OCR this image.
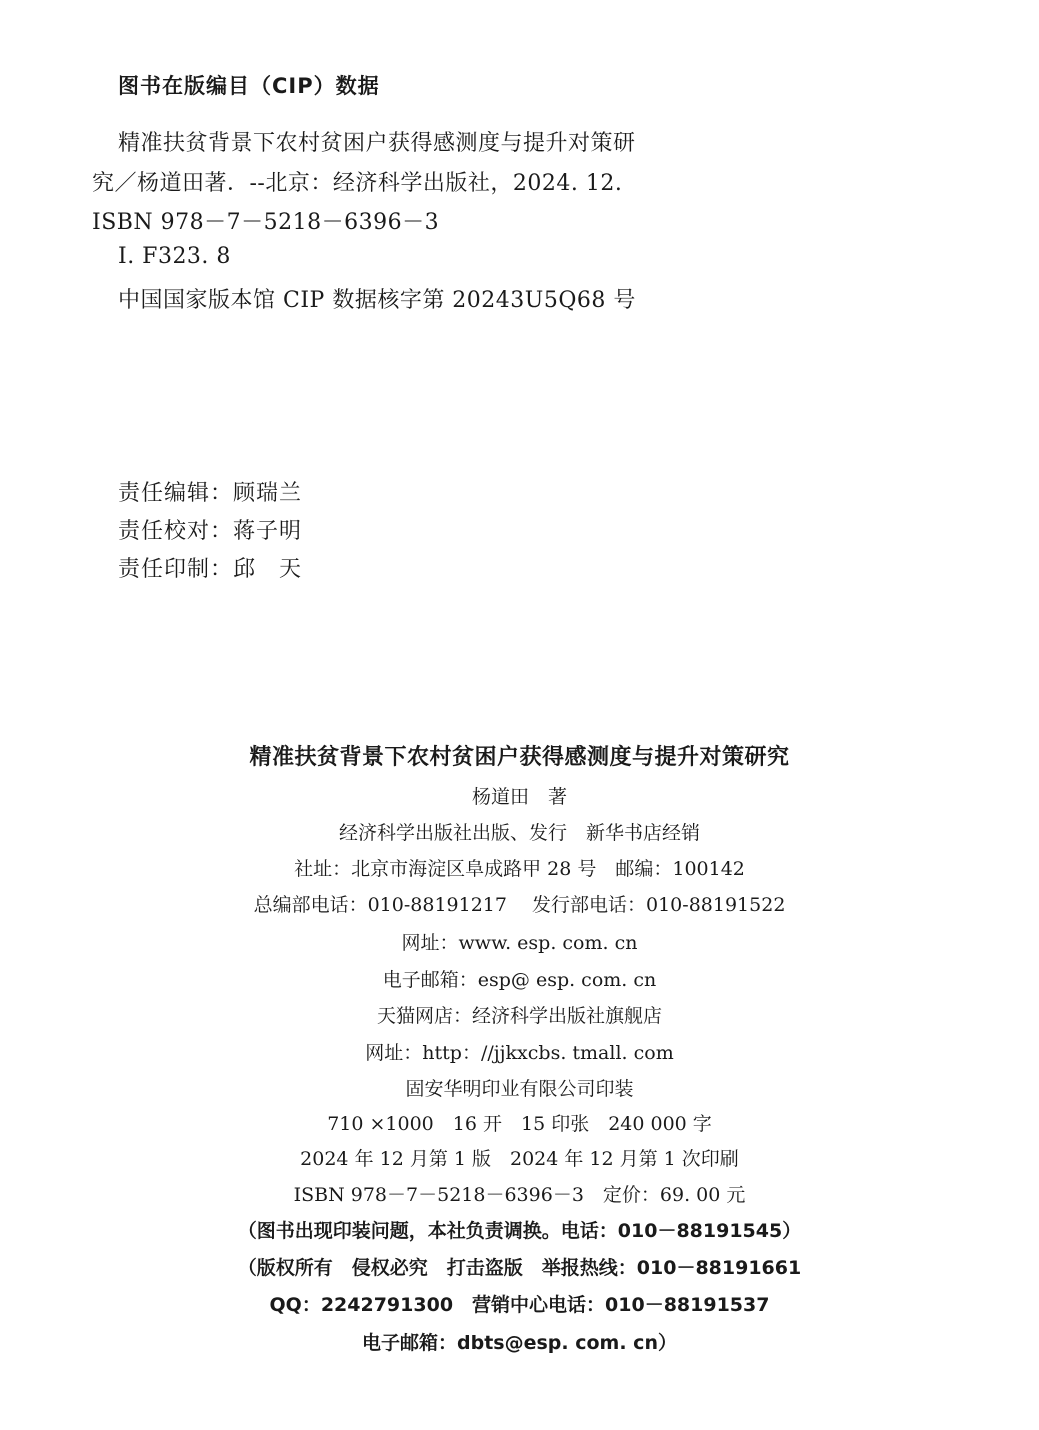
图书在版编目（CIP）数据
精准扶贫背景下农村贫困户获得感测度与提升对策研
究／杨道田著．--北京：经济科学出版社，2024. 12.
ISBN 978－7－5218－6396－3
Ⅰ. F323. 8
中国国家版本馆 CIP 数据核字第 20243U5Q68 号
责任编辑：顾瑞兰
责任校对：蒋子明
责任印制：邱　天
精准扶贫背景下农村贫困户获得感测度与提升对策研究
杨道田　著
经济科学出版社出版、发行　新华书店经销
社址：北京市海淀区阜成路甲 28 号　邮编：100142
总编部电话：010-88191217　 发行部电话：010-88191522
网址：www. esp. com. cn
电子邮箱：esp@ esp. com. cn
天猫网店：经济科学出版社旗舰店
网址：http：//jjkxcbs. tmall. com
固安华明印业有限公司印装
710 ×1000　16 开　15 印张　240 000 字
2024 年 12 月第 1 版　2024 年 12 月第 1 次印刷
ISBN 978－7－5218－6396－3　定价：69. 00 元
（图书出现印装问题，本社负责调换。电话：010－88191545）
（版权所有　侵权必究　打击盗版　举报热线：010－88191661
QQ：2242791300　营销中心电话：010－88191537
电子邮箱：dbts@esp. com. cn）
